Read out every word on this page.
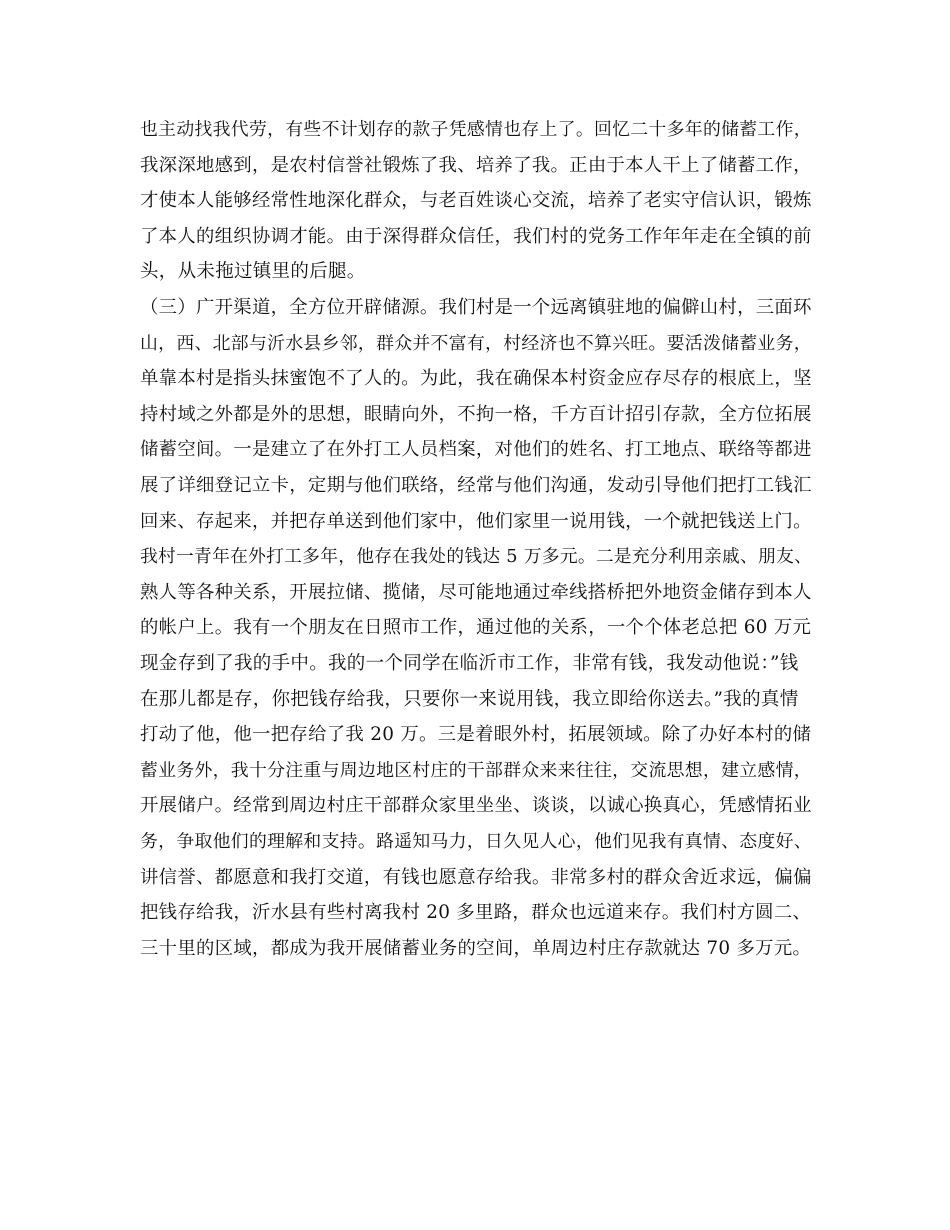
也主动找我代劳，有些不计划存的款子凭感情也存上了。回忆二十多年的储蓄工作，

我深深地感到，是农村信誉社锻炼了我、培养了我。正由于本人干上了储蓄工作，

才使本人能够经常性地深化群众，与老百姓谈心交流，培养了老实守信认识，锻炼

了本人的组织协调才能。由于深得群众信任，我们村的党务工作年年走在全镇的前

头，从未拖过镇里的后腿。

（三）广开渠道，全方位开辟储源。我们村是一个远离镇驻地的偏僻山村，三面环

山，西、北部与沂水县乡邻，群众并不富有，村经济也不算兴旺。要活泼储蓄业务，

单靠本村是指头抹蜜饱不了人的。为此，我在确保本村资金应存尽存的根底上，坚

持村域之外都是外的思想，眼睛向外，不拘一格，千方百计招引存款，全方位拓展

储蓄空间。一是建立了在外打工人员档案，对他们的姓名、打工地点、联络等都进

展了详细登记立卡，定期与他们联络，经常与他们沟通，发动引导他们把打工钱汇

回来、存起来，并把存单送到他们家中，他们家里一说用钱，一个就把钱送上门。

我村一青年在外打工多年，他存在我处的钱达 5 万多元。二是充分利用亲戚、朋友、

熟人等各种关系，开展拉储、揽储，尽可能地通过牵线搭桥把外地资金储存到本人

的帐户上。我有一个朋友在日照市工作，通过他的关系，一个个体老总把 60 万元

现金存到了我的手中。我的一个同学在临沂市工作，非常有钱，我发动他说：”钱

在那儿都是存，你把钱存给我，只要你一来说用钱，我立即给你送去。”我的真情

打动了他，他一把存给了我 20 万。三是着眼外村，拓展领域。除了办好本村的储

蓄业务外，我十分注重与周边地区村庄的干部群众来来往往，交流思想，建立感情，

开展储户。经常到周边村庄干部群众家里坐坐、谈谈，以诚心换真心，凭感情拓业

务，争取他们的理解和支持。路遥知马力，日久见人心，他们见我有真情、态度好、

讲信誉、都愿意和我打交道，有钱也愿意存给我。非常多村的群众舍近求远，偏偏

把钱存给我，沂水县有些村离我村 20 多里路，群众也远道来存。我们村方圆二、

三十里的区域，都成为我开展储蓄业务的空间，单周边村庄存款就达 70 多万元。
